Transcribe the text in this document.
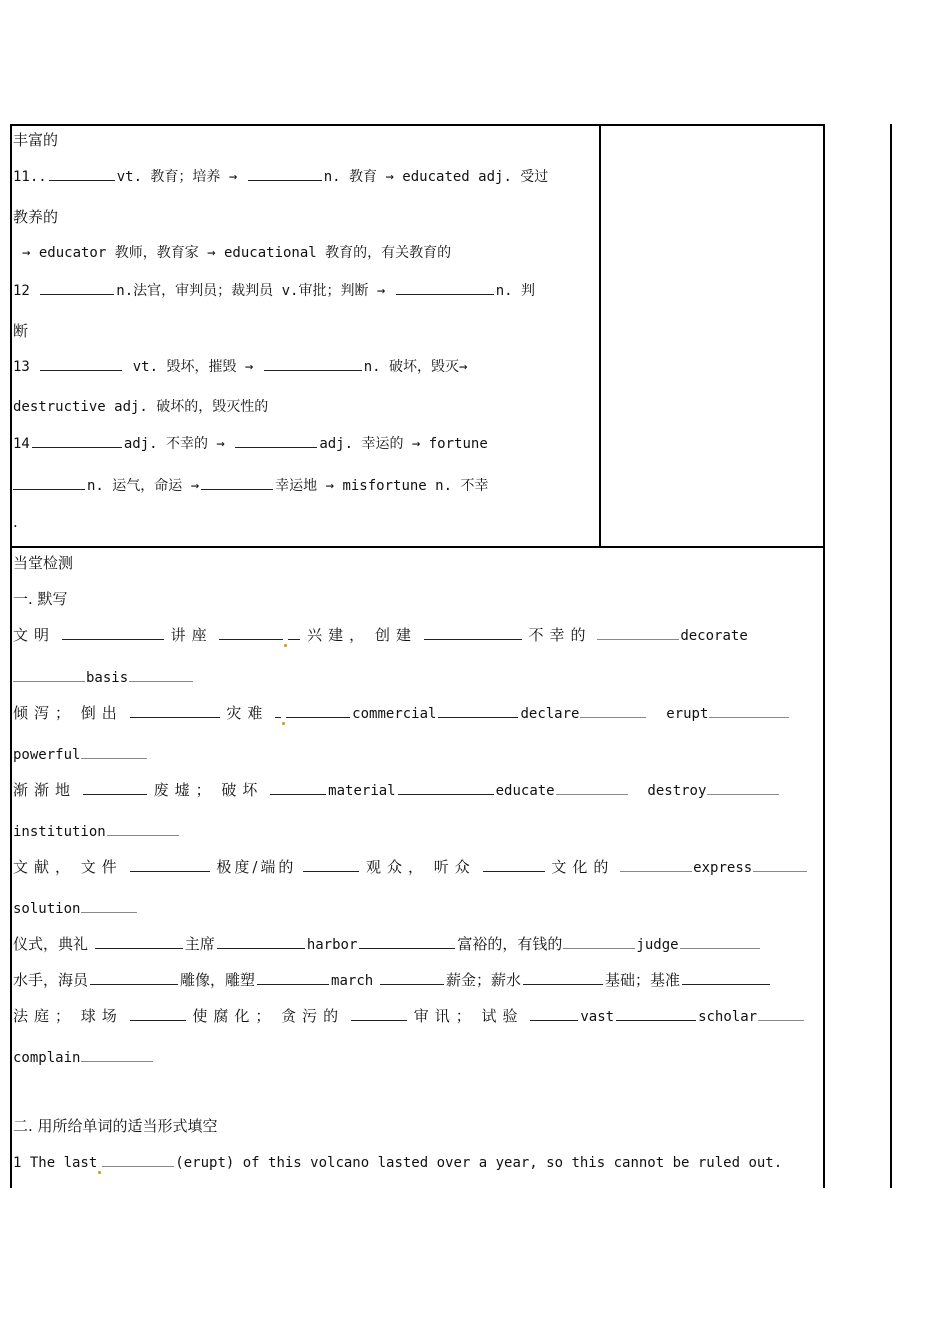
丰富的
11..	vt. 教育；培养 →	n. 教育 → educated adj. 受过
教养的
→ educator 教师，教育家 → educational 教育的，有关教育的
12	n.法官，审判员；裁判员 v.审批；判断 →	n. 判
断
13	vt. 毁坏，摧毁 →	n. 破坏，毁灭→
destructive adj. 破坏的，毁灭性的
14	adj. 不幸的 →	adj. 幸运的 → fortune
n. 运气，命运 →	幸运地 → misfortune n. 不幸
.
当堂检测
一. 默写
文明	讲座	兴建， 创建	不幸的	decorate
basis
倾泻； 倒出	灾难	commercial	declare	erupt
powerful
渐渐地	废墟； 破坏	material	educate	destroy
institution
文献， 文件	极度/端的	观众， 听众	文化的	express
solution
仪式，典礼	主席	harbor	富裕的，有钱的	judge
水手，海员	雕像，雕塑	march	薪金；薪水	基础；基准
法庭； 球场	使腐化； 贪污的	审讯； 试验	vast	scholar
complain
二. 用所给单词的适当形式填空
1 The last	(erupt) of this volcano lasted over a year, so this cannot be ruled out.
